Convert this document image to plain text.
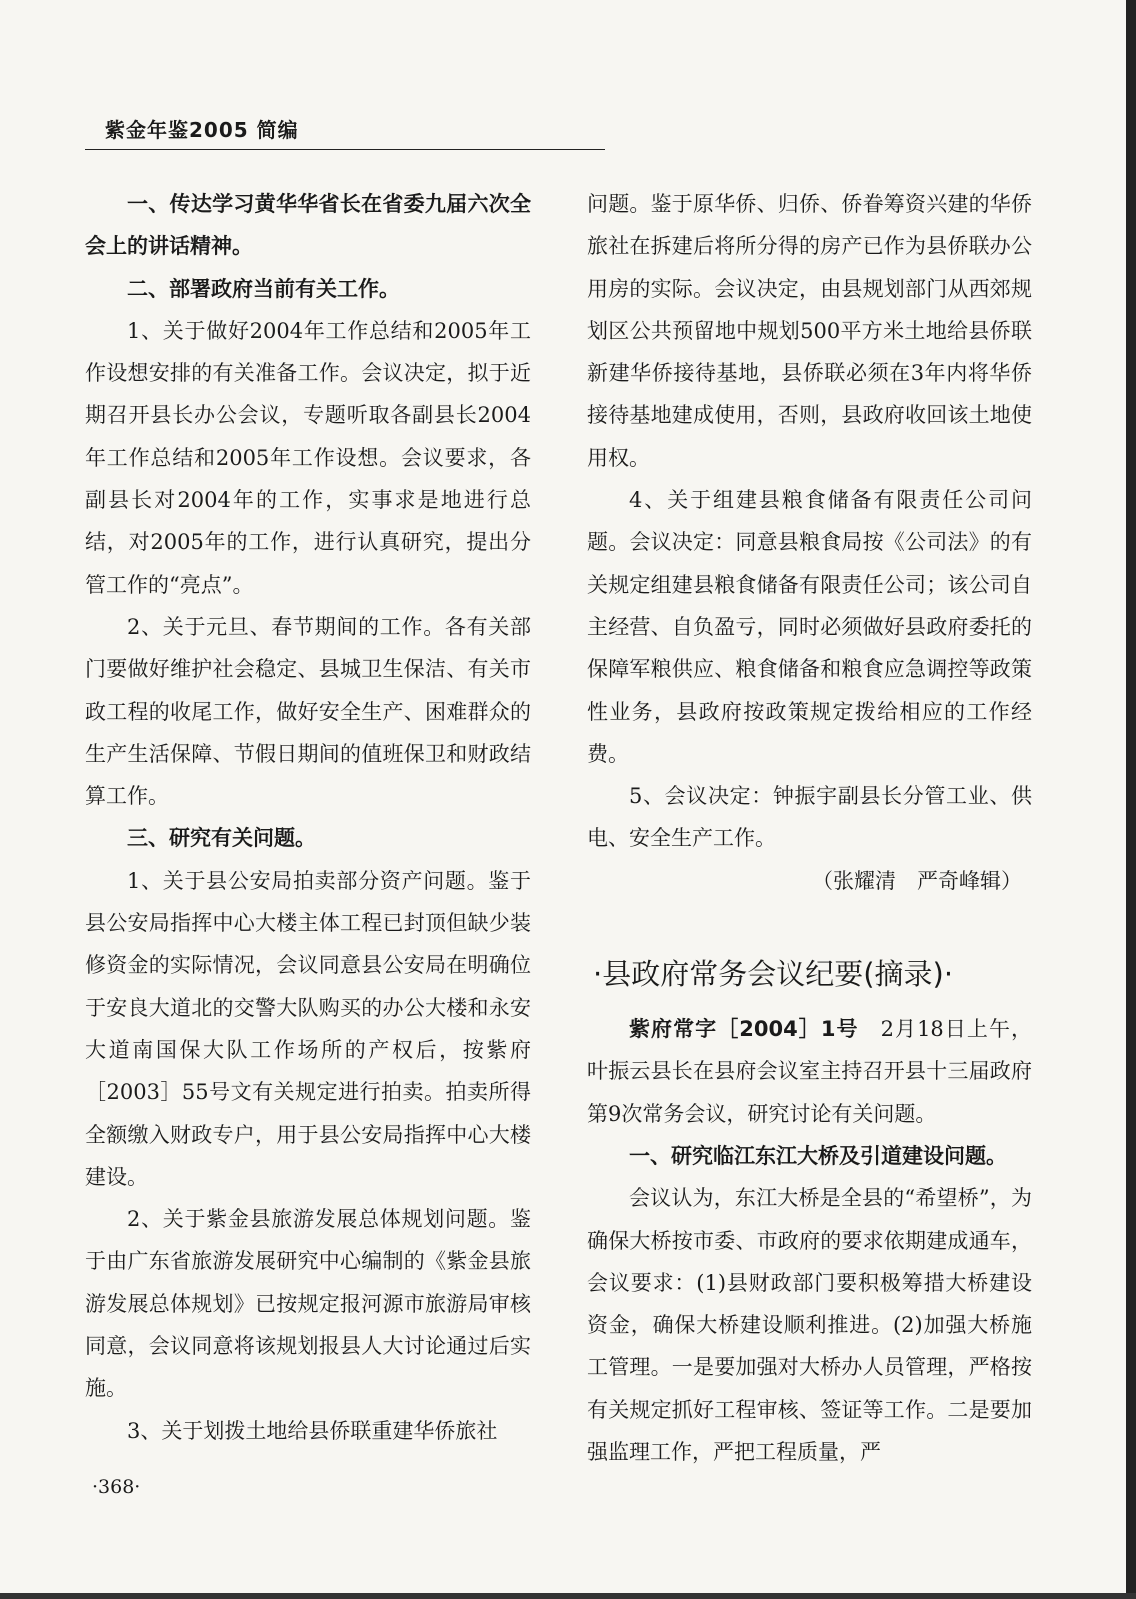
紫金年鉴2005 简编

一、传达学习黄华华省长在省委九届六次全会上的讲话精神。

二、部署政府当前有关工作。

1、关于做好2004年工作总结和2005年工作设想安排的有关准备工作。会议决定，拟于近期召开县长办公会议，专题听取各副县长2004年工作总结和2005年工作设想。会议要求，各副县长对2004年的工作，实事求是地进行总结，对2005年的工作，进行认真研究，提出分管工作的“亮点”。

2、关于元旦、春节期间的工作。各有关部门要做好维护社会稳定、县城卫生保洁、有关市政工程的收尾工作，做好安全生产、困难群众的生产生活保障、节假日期间的值班保卫和财政结算工作。

三、研究有关问题。

1、关于县公安局拍卖部分资产问题。鉴于县公安局指挥中心大楼主体工程已封顶但缺少装修资金的实际情况，会议同意县公安局在明确位于安良大道北的交警大队购买的办公大楼和永安大道南国保大队工作场所的产权后，按紫府［2003］55号文有关规定进行拍卖。拍卖所得全额缴入财政专户，用于县公安局指挥中心大楼建设。

2、关于紫金县旅游发展总体规划问题。鉴于由广东省旅游发展研究中心编制的《紫金县旅游发展总体规划》已按规定报河源市旅游局审核同意，会议同意将该规划报县人大讨论通过后实施。

3、关于划拨土地给县侨联重建华侨旅社

问题。鉴于原华侨、归侨、侨眷筹资兴建的华侨旅社在拆建后将所分得的房产已作为县侨联办公用房的实际。会议决定，由县规划部门从西郊规划区公共预留地中规划500平方米土地给县侨联新建华侨接待基地，县侨联必须在3年内将华侨接待基地建成使用，否则，县政府收回该土地使用权。

4、关于组建县粮食储备有限责任公司问题。会议决定：同意县粮食局按《公司法》的有关规定组建县粮食储备有限责任公司；该公司自主经营、自负盈亏，同时必须做好县政府委托的保障军粮供应、粮食储备和粮食应急调控等政策性业务，县政府按政策规定拨给相应的工作经费。

5、会议决定：钟振宇副县长分管工业、供电、安全生产工作。

（张耀清　严奇峰辑）

·县政府常务会议纪要(摘录)·

紫府常字［2004］1号　2月18日上午，叶振云县长在县府会议室主持召开县十三届政府第9次常务会议，研究讨论有关问题。

一、研究临江东江大桥及引道建设问题。

会议认为，东江大桥是全县的“希望桥”，为确保大桥按市委、市政府的要求依期建成通车，会议要求：(1)县财政部门要积极筹措大桥建设资金，确保大桥建设顺利推进。(2)加强大桥施工管理。一是要加强对大桥办人员管理，严格按有关规定抓好工程审核、签证等工作。二是要加强监理工作，严把工程质量，严

·368·
